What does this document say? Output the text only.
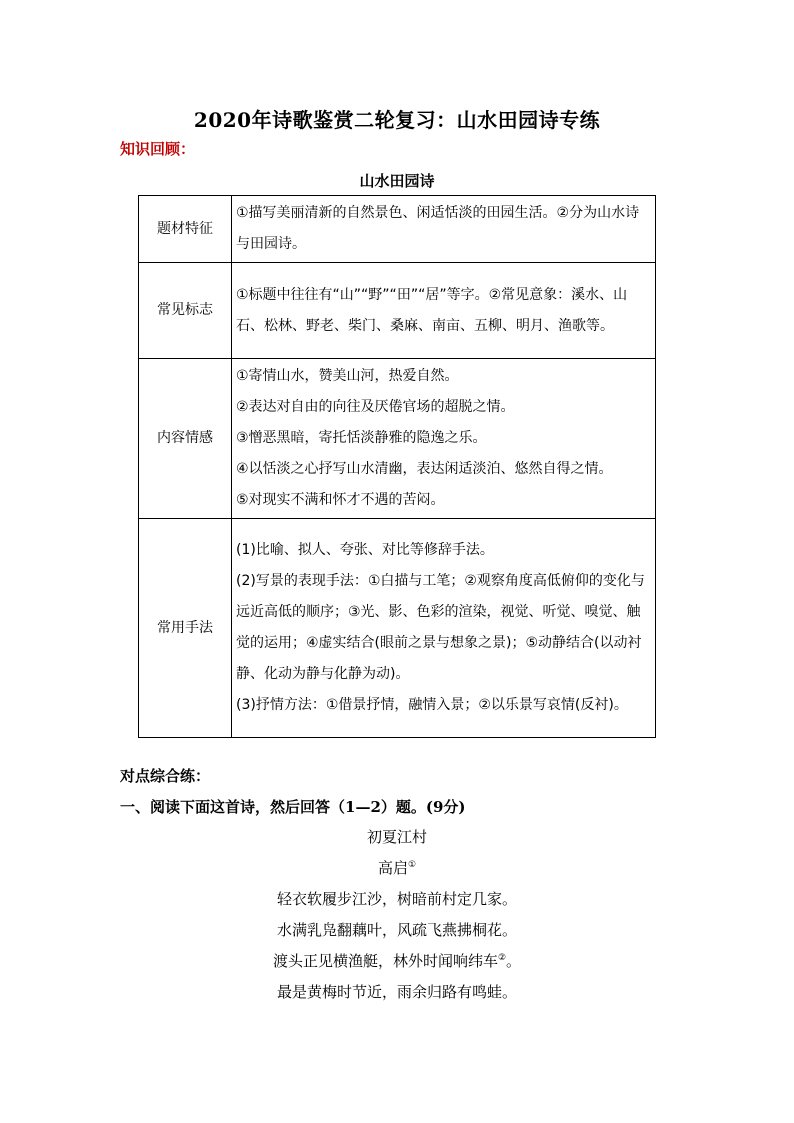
2020年诗歌鉴赏二轮复习：山水田园诗专练
知识回顾：
山水田园诗
题材特征	①描写美丽清新的自然景色、闲适恬淡的田园生活。②分为山水诗与田园诗。

常见标志	①标题中往往有“山”“野”“田”“居”等字。②常见意象：溪水、山石、松林、野老、柴门、桑麻、南亩、五柳、明月、渔歌等。

内容情感	①寄情山水，赞美山河，热爱自然。

②表达对自由的向往及厌倦官场的超脱之情。

③憎恶黑暗，寄托恬淡静雅的隐逸之乐。

④以恬淡之心抒写山水清幽，表达闲适淡泊、悠然自得之情。

⑤对现实不满和怀才不遇的苦闷。

常用手法	(1)比喻、拟人、夸张、对比等修辞手法。

(2)写景的表现手法：①白描与工笔；②观察角度高低俯仰的变化与远近高低的顺序；③光、影、色彩的渲染，视觉、听觉、嗅觉、触觉的运用；④虚实结合(眼前之景与想象之景)；⑤动静结合(以动衬静、化动为静与化静为动)。

(3)抒情方法：①借景抒情，融情入景；②以乐景写哀情(反衬)。

对点综合练：
一、阅读下面这首诗，然后回答（1—2）题。(9分)

初夏江村

高启①

轻衣软履步江沙，树暗前村定几家。

水满乳凫翻藕叶，风疏飞燕拂桐花。

渡头正见横渔艇，林外时闻响纬车②。

最是黄梅时节近，雨余归路有鸣蛙。
